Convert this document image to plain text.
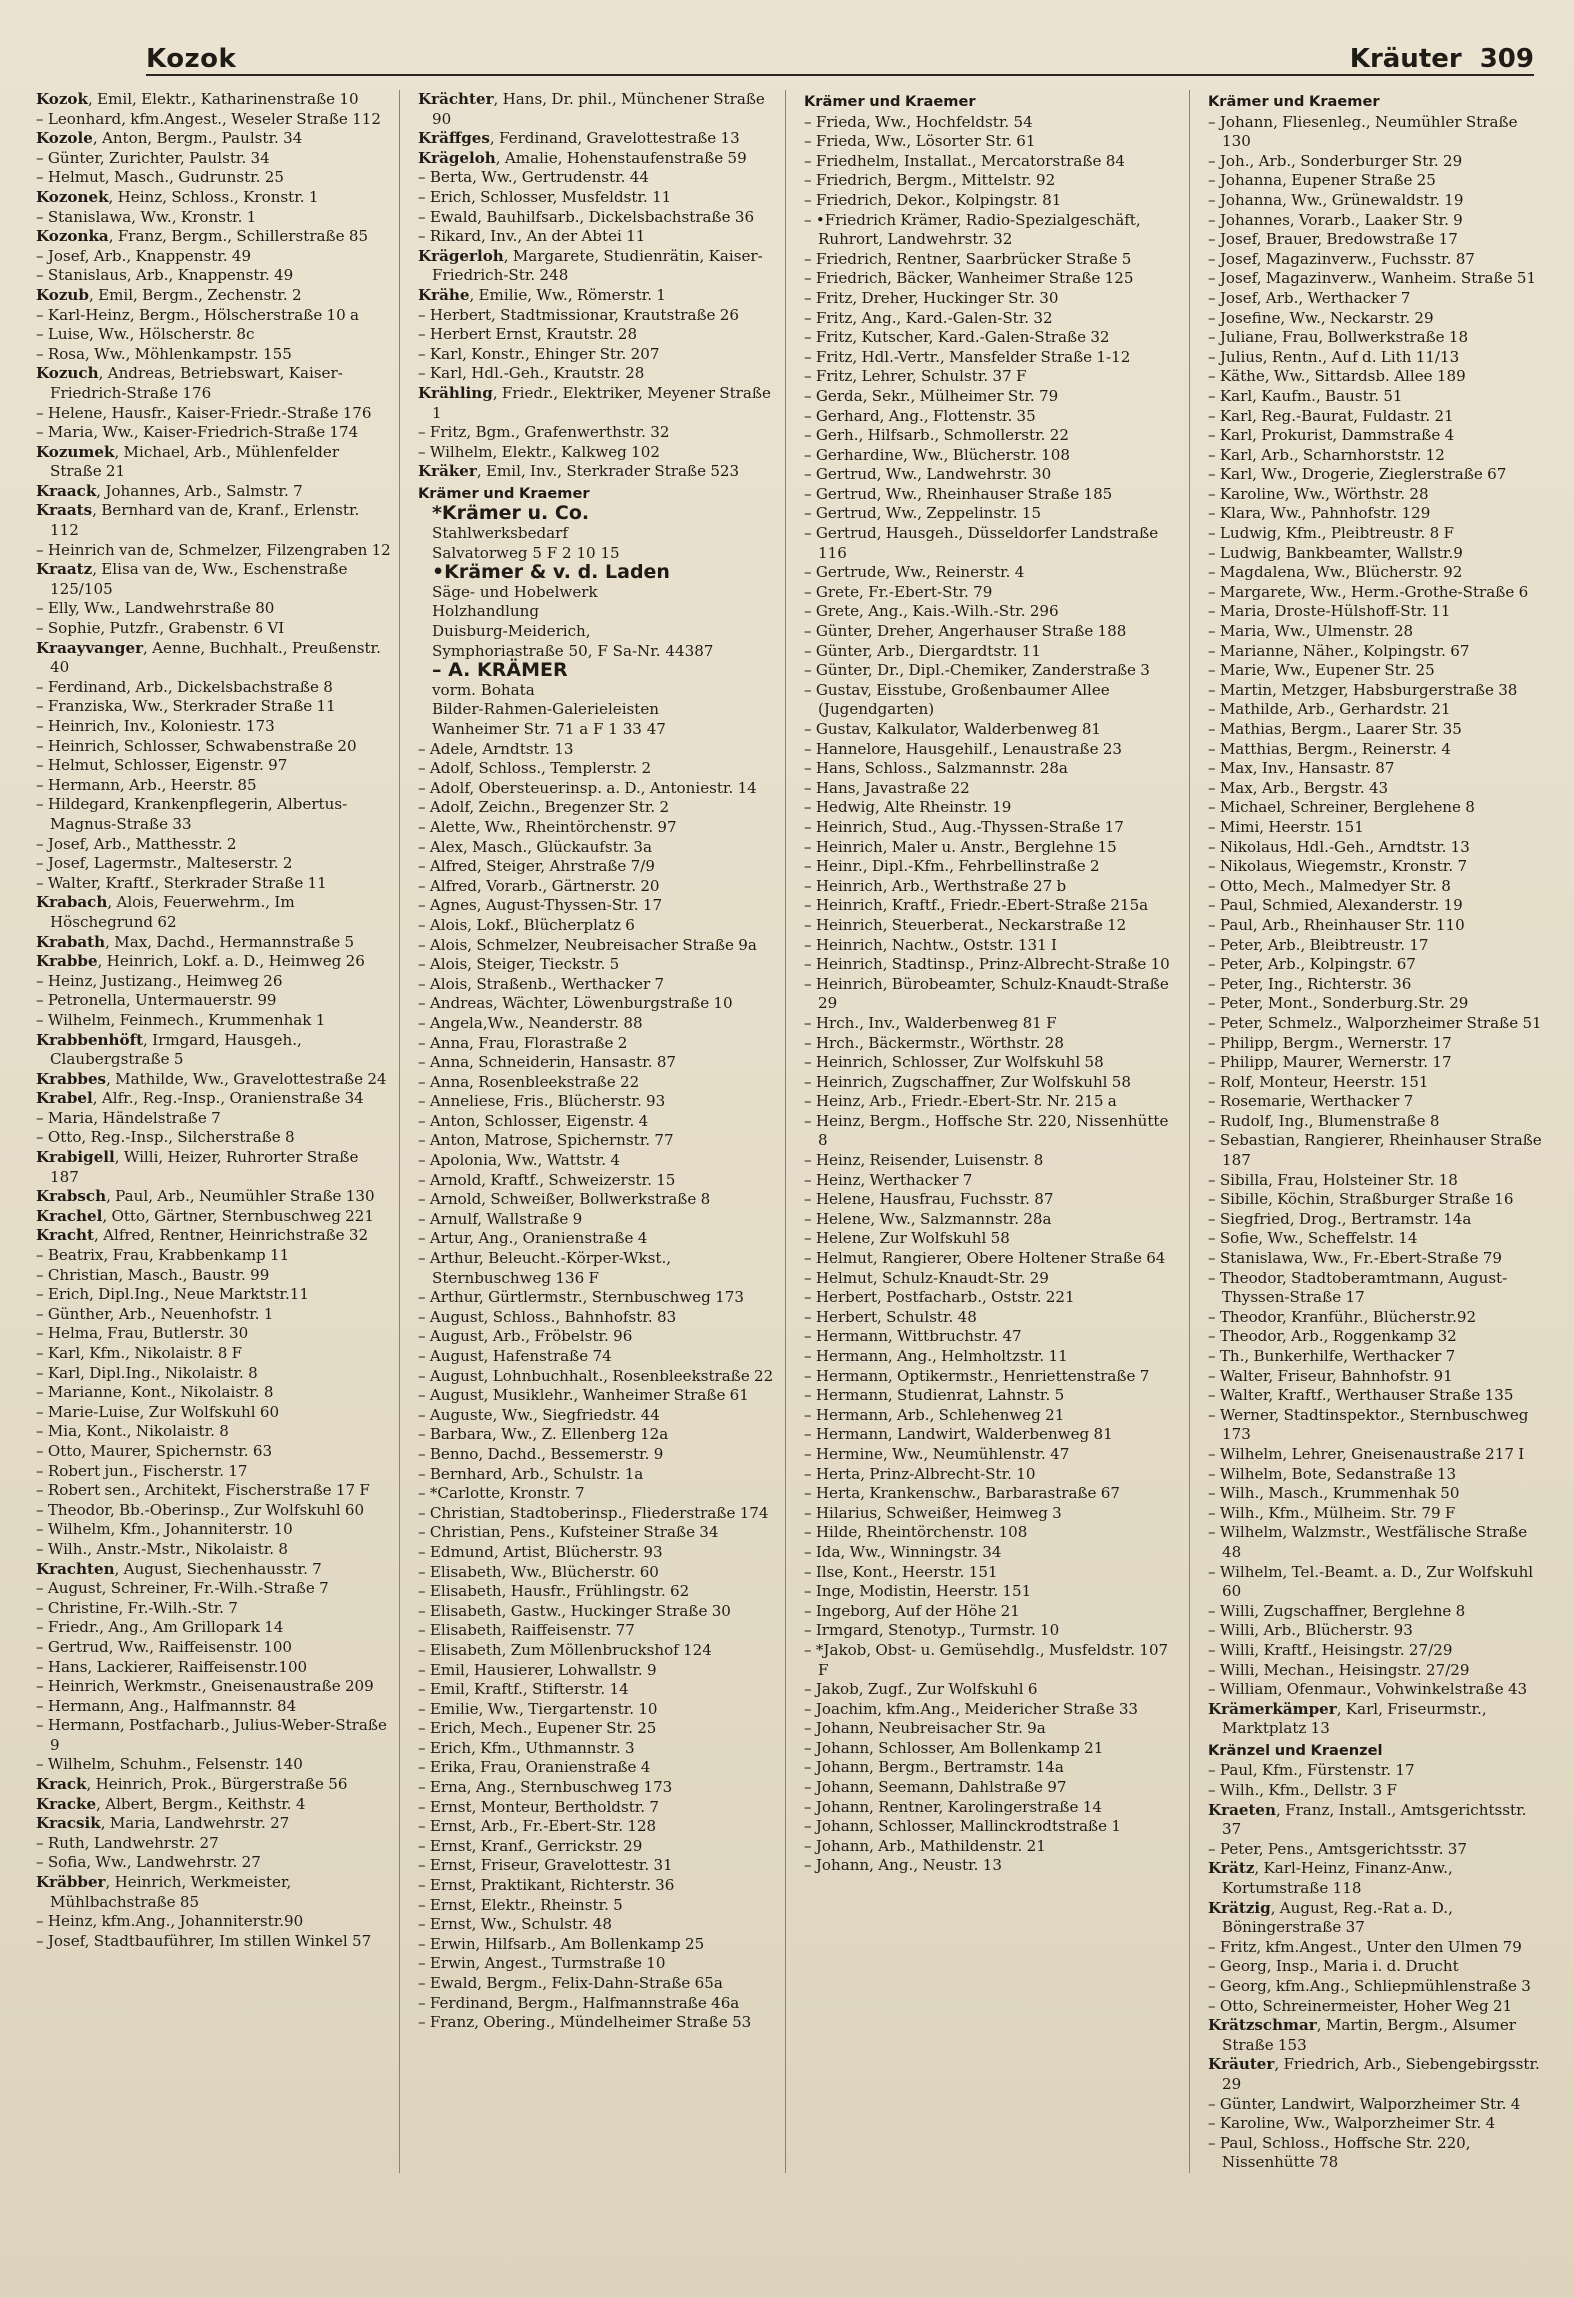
Kozok	Kräuter 309
Kozok, Emil, Elektr., Katharinenstraße 10
– Leonhard, kfm.Angest., Weseler Straße 112
Kozole, Anton, Bergm., Paulstr. 34
– Günter, Zurichter, Paulstr. 34
– Helmut, Masch., Gudrunstr. 25
Kozonek, Heinz, Schloss., Kronstr. 1
– Stanislawa, Ww., Kronstr. 1
Kozonka, Franz, Bergm., Schillerstraße 85
– Josef, Arb., Knappenstr. 49
– Stanislaus, Arb., Knappenstr. 49
Kozub, Emil, Bergm., Zechenstr. 2
– Karl-Heinz, Bergm., Hölscherstraße 10 a
– Luise, Ww., Hölscherstr. 8c
– Rosa, Ww., Möhlenkampstr. 155
Kozuch, Andreas, Betriebswart, Kaiser-Friedrich-Straße 176
– Helene, Hausfr., Kaiser-Friedr.-Straße 176
– Maria, Ww., Kaiser-Friedrich-Straße 174
Kozumek, Michael, Arb., Mühlenfelder Straße 21
Kraack, Johannes, Arb., Salmstr. 7
Kraats, Bernhard van de, Kranf., Erlenstr. 112
– Heinrich van de, Schmelzer, Filzengraben 12
Kraatz, Elisa van de, Ww., Eschenstraße 125/105
– Elly, Ww., Landwehrstraße 80
– Sophie, Putzfr., Grabenstr. 6 VI
Kraayvanger, Aenne, Buchhalt., Preußenstr. 40
– Ferdinand, Arb., Dickelsbachstraße 8
– Franziska, Ww., Sterkrader Straße 11
– Heinrich, Inv., Koloniestr. 173
– Heinrich, Schlosser, Schwabenstraße 20
– Helmut, Schlosser, Eigenstr. 97
– Hermann, Arb., Heerstr. 85
– Hildegard, Krankenpflegerin, Albertus-Magnus-Straße 33
– Josef, Arb., Matthesstr. 2
– Josef, Lagermstr., Malteserstr. 2
– Walter, Kraftf., Sterkrader Straße 11
Krabach, Alois, Feuerwehrm., Im Höschegrund 62
Krabath, Max, Dachd., Hermannstraße 5
Krabbe, Heinrich, Lokf. a. D., Heimweg 26
– Heinz, Justizang., Heimweg 26
– Petronella, Untermauerstr. 99
– Wilhelm, Feinmech., Krummenhak 1
Krabbenhöft, Irmgard, Hausgeh., Claubergstraße 5
Krabbes, Mathilde, Ww., Gravelottestraße 24
Krabel, Alfr., Reg.-Insp., Oranienstraße 34
– Maria, Händelstraße 7
– Otto, Reg.-Insp., Silcherstraße 8
Krabigell, Willi, Heizer, Ruhrorter Straße 187
Krabsch, Paul, Arb., Neumühler Straße 130
Krachel, Otto, Gärtner, Sternbuschweg 221
Kracht, Alfred, Rentner, Heinrichstraße 32
– Beatrix, Frau, Krabbenkamp 11
– Christian, Masch., Baustr. 99
– Erich, Dipl.Ing., Neue Marktstr.11
– Günther, Arb., Neuenhofstr. 1
– Helma, Frau, Butlerstr. 30
– Karl, Kfm., Nikolaistr. 8 F
– Karl, Dipl.Ing., Nikolaistr. 8
– Marianne, Kont., Nikolaistr. 8
– Marie-Luise, Zur Wolfskuhl 60
– Mia, Kont., Nikolaistr. 8
– Otto, Maurer, Spichernstr. 63
– Robert jun., Fischerstr. 17
– Robert sen., Architekt, Fischerstraße 17 F
– Theodor, Bb.-Oberinsp., Zur Wolfskuhl 60
– Wilhelm, Kfm., Johanniterstr. 10
– Wilh., Anstr.-Mstr., Nikolaistr. 8
Krachten, August, Siechenhausstr. 7
– August, Schreiner, Fr.-Wilh.-Straße 7
– Christine, Fr.-Wilh.-Str. 7
– Friedr., Ang., Am Grillopark 14
– Gertrud, Ww., Raiffeisenstr. 100
– Hans, Lackierer, Raiffeisenstr.100
– Heinrich, Werkmstr., Gneisenaustraße 209
– Hermann, Ang., Halfmannstr. 84
– Hermann, Postfacharb., Julius-Weber-Straße 9
– Wilhelm, Schuhm., Felsenstr. 140
Krack, Heinrich, Prok., Bürgerstraße 56
Kracke, Albert, Bergm., Keithstr. 4
Kracsik, Maria, Landwehrstr. 27
– Ruth, Landwehrstr. 27
– Sofia, Ww., Landwehrstr. 27
Kräbber, Heinrich, Werkmeister, Mühlbachstraße 85
– Heinz, kfm.Ang., Johanniterstr.90
– Josef, Stadtbauführer, Im stillen Winkel 57
Krächter, Hans, Dr. phil., Münchener Straße 90
Kräffges, Ferdinand, Gravelottestraße 13
Krägeloh, Amalie, Hohenstaufenstraße 59
– Berta, Ww., Gertrudenstr. 44
– Erich, Schlosser, Musfeldstr. 11
– Ewald, Bauhilfsarb., Dickelsbachstraße 36
– Rikard, Inv., An der Abtei 11
Krägerloh, Margarete, Studienrätin, Kaiser-Friedrich-Str. 248
Krähe, Emilie, Ww., Römerstr. 1
– Herbert, Stadtmissionar, Krautstraße 26
– Herbert Ernst, Krautstr. 28
– Karl, Konstr., Ehinger Str. 207
– Karl, Hdl.-Geh., Krautstr. 28
Krähling, Friedr., Elektriker, Meyener Straße 1
– Fritz, Bgm., Grafenwerthstr. 32
– Wilhelm, Elektr., Kalkweg 102
Kräker, Emil, Inv., Sterkrader Straße 523
Krämer und Kraemer
*Krämer u. Co.
Stahlwerksbedarf
Salvatorweg 5 F 2 10 15
•Krämer & v. d. Laden
Säge- und Hobelwerk
Holzhandlung
Duisburg-Meiderich,
Symphoriastraße 50, F Sa-Nr. 44387
– A. KRÄMER
vorm. Bohata
Bilder-Rahmen-Galerieleisten
Wanheimer Str. 71 a F 1 33 47
– Adele, Arndtstr. 13
– Adolf, Schloss., Templerstr. 2
– Adolf, Obersteuerinsp. a. D., Antoniestr. 14
– Adolf, Zeichn., Bregenzer Str. 2
– Alette, Ww., Rheintörchenstr. 97
– Alex, Masch., Glückaufstr. 3a
– Alfred, Steiger, Ahrstraße 7/9
– Alfred, Vorarb., Gärtnerstr. 20
– Agnes, August-Thyssen-Str. 17
– Alois, Lokf., Blücherplatz 6
– Alois, Schmelzer, Neubreisacher Straße 9a
– Alois, Steiger, Tieckstr. 5
– Alois, Straßenb., Werthacker 7
– Andreas, Wächter, Löwenburgstraße 10
– Angela,Ww., Neanderstr. 88
– Anna, Frau, Florastraße 2
– Anna, Schneiderin, Hansastr. 87
– Anna, Rosenbleekstraße 22
– Anneliese, Fris., Blücherstr. 93
– Anton, Schlosser, Eigenstr. 4
– Anton, Matrose, Spichernstr. 77
– Apolonia, Ww., Wattstr. 4
– Arnold, Kraftf., Schweizerstr. 15
– Arnold, Schweißer, Bollwerkstraße 8
– Arnulf, Wallstraße 9
– Artur, Ang., Oranienstraße 4
– Arthur, Beleucht.-Körper-Wkst., Sternbuschweg 136 F
– Arthur, Gürtlermstr., Sternbuschweg 173
– August, Schloss., Bahnhofstr. 83
– August, Arb., Fröbelstr. 96
– August, Hafenstraße 74
– August, Lohnbuchhalt., Rosenbleekstraße 22
– August, Musiklehr., Wanheimer Straße 61
– Auguste, Ww., Siegfriedstr. 44
– Barbara, Ww., Z. Ellenberg 12a
– Benno, Dachd., Bessemerstr. 9
– Bernhard, Arb., Schulstr. 1a
– *Carlotte, Kronstr. 7
– Christian, Stadtoberinsp., Fliederstraße 174
– Christian, Pens., Kufsteiner Straße 34
– Edmund, Artist, Blücherstr. 93
– Elisabeth, Ww., Blücherstr. 60
– Elisabeth, Hausfr., Frühlingstr. 62
– Elisabeth, Gastw., Huckinger Straße 30
– Elisabeth, Raiffeisenstr. 77
– Elisabeth, Zum Möllenbruckshof 124
– Emil, Hausierer, Lohwallstr. 9
– Emil, Kraftf., Stifterstr. 14
– Emilie, Ww., Tiergartenstr. 10
– Erich, Mech., Eupener Str. 25
– Erich, Kfm., Uthmannstr. 3
– Erika, Frau, Oranienstraße 4
– Erna, Ang., Sternbuschweg 173
– Ernst, Monteur, Bertholdstr. 7
– Ernst, Arb., Fr.-Ebert-Str. 128
– Ernst, Kranf., Gerrickstr. 29
– Ernst, Friseur, Gravelottestr. 31
– Ernst, Praktikant, Richterstr. 36
– Ernst, Elektr., Rheinstr. 5
– Ernst, Ww., Schulstr. 48
– Erwin, Hilfsarb., Am Bollenkamp 25
– Erwin, Angest., Turmstraße 10
– Ewald, Bergm., Felix-Dahn-Straße 65a
– Ferdinand, Bergm., Halfmannstraße 46a
– Franz, Obering., Mündelheimer Straße 53
Krämer und Kraemer
– Frieda, Ww., Hochfeldstr. 54
– Frieda, Ww., Lösorter Str. 61
– Friedhelm, Installat., Mercatorstraße 84
– Friedrich, Bergm., Mittelstr. 92
– Friedrich, Dekor., Kolpingstr. 81
– •Friedrich Krämer, Radio-Spezialgeschäft, Ruhrort, Landwehrstr. 32
– Friedrich, Rentner, Saarbrücker Straße 5
– Friedrich, Bäcker, Wanheimer Straße 125
– Fritz, Dreher, Huckinger Str. 30
– Fritz, Ang., Kard.-Galen-Str. 32
– Fritz, Kutscher, Kard.-Galen-Straße 32
– Fritz, Hdl.-Vertr., Mansfelder Straße 1-12
– Fritz, Lehrer, Schulstr. 37 F
– Gerda, Sekr., Mülheimer Str. 79
– Gerhard, Ang., Flottenstr. 35
– Gerh., Hilfsarb., Schmollerstr. 22
– Gerhardine, Ww., Blücherstr. 108
– Gertrud, Ww., Landwehrstr. 30
– Gertrud, Ww., Rheinhauser Straße 185
– Gertrud, Ww., Zeppelinstr. 15
– Gertrud, Hausgeh., Düsseldorfer Landstraße 116
– Gertrude, Ww., Reinerstr. 4
– Grete, Fr.-Ebert-Str. 79
– Grete, Ang., Kais.-Wilh.-Str. 296
– Günter, Dreher, Angerhauser Straße 188
– Günter, Arb., Diergardtstr. 11
– Günter, Dr., Dipl.-Chemiker, Zanderstraße 3
– Gustav, Eisstube, Großenbaumer Allee (Jugendgarten)
– Gustav, Kalkulator, Walderbenweg 81
– Hannelore, Hausgehilf., Lenaustraße 23
– Hans, Schloss., Salzmannstr. 28a
– Hans, Javastraße 22
– Hedwig, Alte Rheinstr. 19
– Heinrich, Stud., Aug.-Thyssen-Straße 17
– Heinrich, Maler u. Anstr., Berglehne 15
– Heinr., Dipl.-Kfm., Fehrbellinstraße 2
– Heinrich, Arb., Werthstraße 27 b
– Heinrich, Kraftf., Friedr.-Ebert-Straße 215a
– Heinrich, Steuerberat., Neckarstraße 12
– Heinrich, Nachtw., Oststr. 131 I
– Heinrich, Stadtinsp., Prinz-Albrecht-Straße 10
– Heinrich, Bürobeamter, Schulz-Knaudt-Straße 29
– Hrch., Inv., Walderbenweg 81 F
– Hrch., Bäckermstr., Wörthstr. 28
– Heinrich, Schlosser, Zur Wolfskuhl 58
– Heinrich, Zugschaffner, Zur Wolfskuhl 58
– Heinz, Arb., Friedr.-Ebert-Str. Nr. 215 a
– Heinz, Bergm., Hoffsche Str. 220, Nissenhütte 8
– Heinz, Reisender, Luisenstr. 8
– Heinz, Werthacker 7
– Helene, Hausfrau, Fuchsstr. 87
– Helene, Ww., Salzmannstr. 28a
– Helene, Zur Wolfskuhl 58
– Helmut, Rangierer, Obere Holtener Straße 64
– Helmut, Schulz-Knaudt-Str. 29
– Herbert, Postfacharb., Oststr. 221
– Herbert, Schulstr. 48
– Hermann, Wittbruchstr. 47
– Hermann, Ang., Helmholtzstr. 11
– Hermann, Optikermstr., Henriettenstraße 7
– Hermann, Studienrat, Lahnstr. 5
– Hermann, Arb., Schlehenweg 21
– Hermann, Landwirt, Walderbenweg 81
– Hermine, Ww., Neumühlenstr. 47
– Herta, Prinz-Albrecht-Str. 10
– Herta, Krankenschw., Barbarastraße 67
– Hilarius, Schweißer, Heimweg 3
– Hilde, Rheintörchenstr. 108
– Ida, Ww., Winningstr. 34
– Ilse, Kont., Heerstr. 151
– Inge, Modistin, Heerstr. 151
– Ingeborg, Auf der Höhe 21
– Irmgard, Stenotyp., Turmstr. 10
– *Jakob, Obst- u. Gemüsehdlg., Musfeldstr. 107 F
– Jakob, Zugf., Zur Wolfskuhl 6
– Joachim, kfm.Ang., Meidericher Straße 33
– Johann, Neubreisacher Str. 9a
– Johann, Schlosser, Am Bollenkamp 21
– Johann, Bergm., Bertramstr. 14a
– Johann, Seemann, Dahlstraße 97
– Johann, Rentner, Karolingerstraße 14
– Johann, Schlosser, Mallinckrodtstraße 1
– Johann, Arb., Mathildenstr. 21
– Johann, Ang., Neustr. 13
Krämer und Kraemer
– Johann, Fliesenleg., Neumühler Straße 130
– Joh., Arb., Sonderburger Str. 29
– Johanna, Eupener Straße 25
– Johanna, Ww., Grünewaldstr. 19
– Johannes, Vorarb., Laaker Str. 9
– Josef, Brauer, Bredowstraße 17
– Josef, Magazinverw., Fuchsstr. 87
– Josef, Magazinverw., Wanheim. Straße 51
– Josef, Arb., Werthacker 7
– Josefine, Ww., Neckarstr. 29
– Juliane, Frau, Bollwerkstraße 18
– Julius, Rentn., Auf d. Lith 11/13
– Käthe, Ww., Sittardsb. Allee 189
– Karl, Kaufm., Baustr. 51
– Karl, Reg.-Baurat, Fuldastr. 21
– Karl, Prokurist, Dammstraße 4
– Karl, Arb., Scharnhorststr. 12
– Karl, Ww., Drogerie, Zieglerstraße 67
– Karoline, Ww., Wörthstr. 28
– Klara, Ww., Pahnhofstr. 129
– Ludwig, Kfm., Pleibtreustr. 8 F
– Ludwig, Bankbeamter, Wallstr.9
– Magdalena, Ww., Blücherstr. 92
– Margarete, Ww., Herm.-Grothe-Straße 6
– Maria, Droste-Hülshoff-Str. 11
– Maria, Ww., Ulmenstr. 28
– Marianne, Näher., Kolpingstr. 67
– Marie, Ww., Eupener Str. 25
– Martin, Metzger, Habsburgerstraße 38
– Mathilde, Arb., Gerhardstr. 21
– Mathias, Bergm., Laarer Str. 35
– Matthias, Bergm., Reinerstr. 4
– Max, Inv., Hansastr. 87
– Max, Arb., Bergstr. 43
– Michael, Schreiner, Berglehene 8
– Mimi, Heerstr. 151
– Nikolaus, Hdl.-Geh., Arndtstr. 13
– Nikolaus, Wiegemstr., Kronstr. 7
– Otto, Mech., Malmedyer Str. 8
– Paul, Schmied, Alexanderstr. 19
– Paul, Arb., Rheinhauser Str. 110
– Peter, Arb., Bleibtreustr. 17
– Peter, Arb., Kolpingstr. 67
– Peter, Ing., Richterstr. 36
– Peter, Mont., Sonderburg.Str. 29
– Peter, Schmelz., Walporzheimer Straße 51
– Philipp, Bergm., Wernerstr. 17
– Philipp, Maurer, Wernerstr. 17
– Rolf, Monteur, Heerstr. 151
– Rosemarie, Werthacker 7
– Rudolf, Ing., Blumenstraße 8
– Sebastian, Rangierer, Rheinhauser Straße 187
– Sibilla, Frau, Holsteiner Str. 18
– Sibille, Köchin, Straßburger Straße 16
– Siegfried, Drog., Bertramstr. 14a
– Sofie, Ww., Scheffelstr. 14
– Stanislawa, Ww., Fr.-Ebert-Straße 79
– Theodor, Stadtoberamtmann, August-Thyssen-Straße 17
– Theodor, Kranführ., Blücherstr.92
– Theodor, Arb., Roggenkamp 32
– Th., Bunkerhilfe, Werthacker 7
– Walter, Friseur, Bahnhofstr. 91
– Walter, Kraftf., Werthauser Straße 135
– Werner, Stadtinspektor., Sternbuschweg 173
– Wilhelm, Lehrer, Gneisenaustraße 217 I
– Wilhelm, Bote, Sedanstraße 13
– Wilh., Masch., Krummenhak 50
– Wilh., Kfm., Mülheim. Str. 79 F
– Wilhelm, Walzmstr., Westfälische Straße 48
– Wilhelm, Tel.-Beamt. a. D., Zur Wolfskuhl 60
– Willi, Zugschaffner, Berglehne 8
– Willi, Arb., Blücherstr. 93
– Willi, Kraftf., Heisingstr. 27/29
– Willi, Mechan., Heisingstr. 27/29
– William, Ofenmaur., Vohwinkelstraße 43
Krämerkämper, Karl, Friseurmstr., Marktplatz 13
Kränzel und Kraenzel
– Paul, Kfm., Fürstenstr. 17
– Wilh., Kfm., Dellstr. 3 F
Kraeten, Franz, Install., Amtsgerichtsstr. 37
– Peter, Pens., Amtsgerichtsstr. 37
Krätz, Karl-Heinz, Finanz-Anw., Kortumstraße 118
Krätzig, August, Reg.-Rat a. D., Böningerstraße 37
– Fritz, kfm.Angest., Unter den Ulmen 79
– Georg, Insp., Maria i. d. Drucht
– Georg, kfm.Ang., Schliepmühlenstraße 3
– Otto, Schreinermeister, Hoher Weg 21
Krätzschmar, Martin, Bergm., Alsumer Straße 153
Kräuter, Friedrich, Arb., Siebengebirgsstr. 29
– Günter, Landwirt, Walporzheimer Str. 4
– Karoline, Ww., Walporzheimer Str. 4
– Paul, Schloss., Hoffsche Str. 220, Nissenhütte 78
